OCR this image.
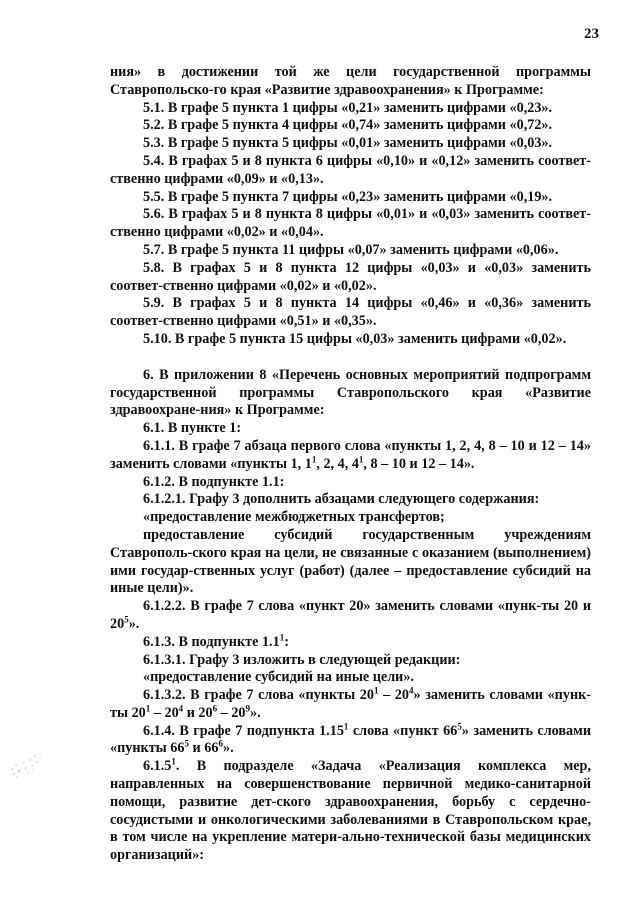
23

ния» в достижении той же цели государственной программы Ставропольско-го края «Развитие здравоохранения» к Программе:

5.1. В графе 5 пункта 1 цифры «0,21» заменить цифрами «0,23».

5.2. В графе 5 пункта 4 цифры «0,74» заменить цифрами «0,72».

5.3. В графе 5 пункта 5 цифры «0,01» заменить цифрами «0,03».

5.4. В графах 5 и 8 пункта 6 цифры «0,10» и «0,12» заменить соответ-ственно цифрами «0,09» и «0,13».

5.5. В графе 5 пункта 7 цифры «0,23» заменить цифрами «0,19».

5.6. В графах 5 и 8 пункта 8 цифры «0,01» и «0,03» заменить соответ-ственно цифрами «0,02» и «0,04».

5.7. В графе 5 пункта 11 цифры «0,07» заменить цифрами «0,06».

5.8. В графах 5 и 8 пункта 12 цифры «0,03» и «0,03» заменить соответ-ственно цифрами «0,02» и «0,02».

5.9. В графах 5 и 8 пункта 14 цифры «0,46» и «0,36» заменить соответ-ственно цифрами «0,51» и «0,35».

5.10. В графе 5 пункта 15 цифры «0,03» заменить цифрами «0,02».

6. В приложении 8 «Перечень основных мероприятий подпрограмм государственной программы Ставропольского края «Развитие здравоохране-ния» к Программе:

6.1. В пункте 1:

6.1.1. В графе 7 абзаца первого слова «пункты 1, 2, 4, 8 – 10 и 12 – 14» заменить словами «пункты 1, $1^1$, 2, 4, $4^1$, 8 – 10 и 12 – 14».

6.1.2. В подпункте 1.1:

6.1.2.1. Графу 3 дополнить абзацами следующего содержания:

«предоставление межбюджетных трансфертов;

предоставление субсидий государственным учреждениям Ставрополь-ского края на цели, не связанные с оказанием (выполнением) ими государ-ственных услуг (работ) (далее – предоставление субсидий на иные цели)».

6.1.2.2. В графе 7 слова «пункт 20» заменить словами «пунк-ты 20 и $20^5$».

6.1.3. В подпункте $1.1^1$:

6.1.3.1. Графу 3 изложить в следующей редакции:

«предоставление субсидий на иные цели».

6.1.3.2. В графе 7 слова «пункты $20^1 - 20^4$» заменить словами «пунк-ты $20^1 - 20^4$ и $20^6 - 20^9$».

6.1.4. В графе 7 подпункта 1.15$^1$ слова «пункт $66^5$» заменить словами «пункты $66^5$ и $66^6$».

6.1.5$^1$. В подразделе «Задача «Реализация комплекса мер, направленных на совершенствование первичной медико-санитарной помощи, развитие дет-ского здравоохранения, борьбу с сердечно-сосудистыми и онкологическими заболеваниями в Ставропольском крае, в том числе на укрепление матери-ально-технической базы медицинских организаций»:
